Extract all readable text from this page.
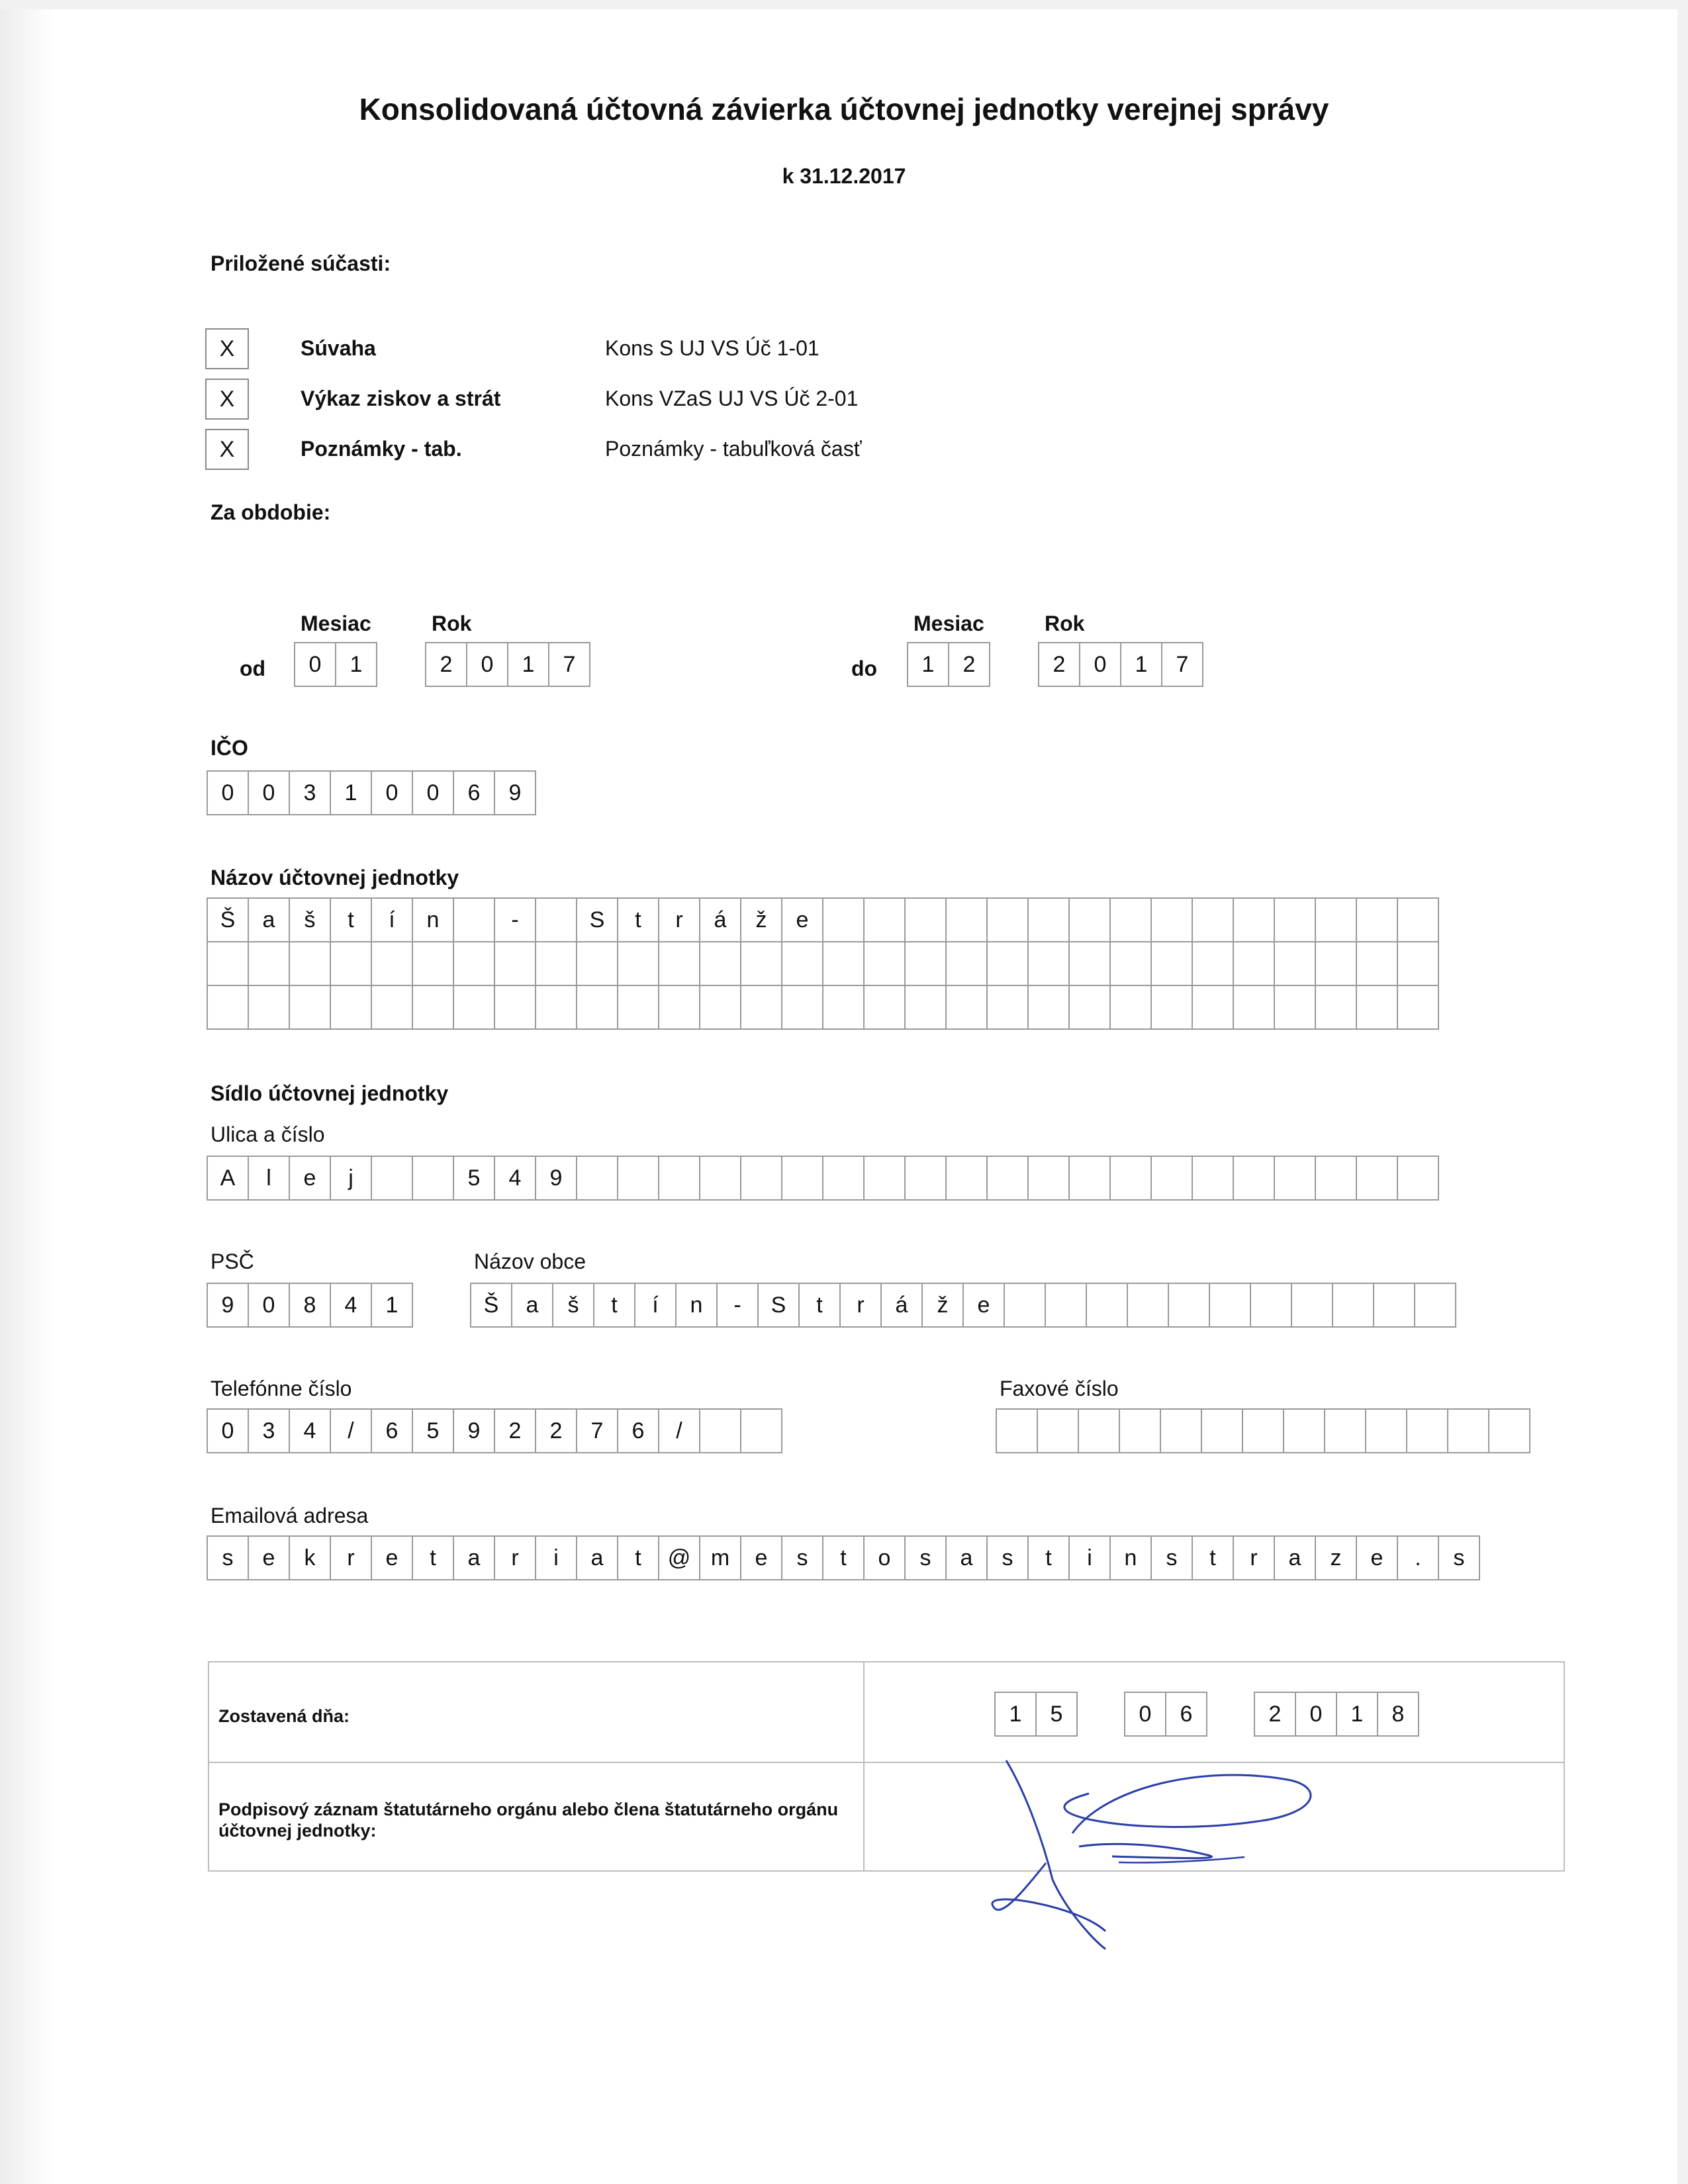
Konsolidovaná účtovná závierka účtovnej jednotky verejnej správy
k 31.12.2017
Priložené súčasti:
X	Súvaha	Kons S UJ VS Úč 1-01
X	Výkaz ziskov a strát	Kons VZaS UJ VS Úč 2-01
X	Poznámky - tab.	Poznámky - tabuľková časť
Za obdobie:
Mesiac	Rok
od	0	1	2	0	1	7
Mesiac	Rok
do	1	2	2	0	1	7
IČO
0	0	3	1	0	0	6	9
Názov účtovnej jednotky
Š	a	š	t	í	n	-	S	t	r	á	ž	e
Sídlo účtovnej jednotky
Ulica a číslo
A	l	e	j	5	4	9
PSČ
9	0	8	4	1
Názov obce
Š	a	š	t	í	n	-	S	t	r	á	ž	e
Telefónne číslo
0	3	4	/	6	5	9	2	2	7	6	/
Faxové číslo
Emailová adresa
s	e	k	r	e	t	a	r	i	a	t	@ m	e	s	t	o	s	a	s	t	i	n	s	t	r	a	z	e	.	s
Zostavená dňa:	1	5	0	6	2	0	1	8
Podpisový záznam štatutárneho orgánu alebo člena štatutárneho orgánu účtovnej jednotky:
